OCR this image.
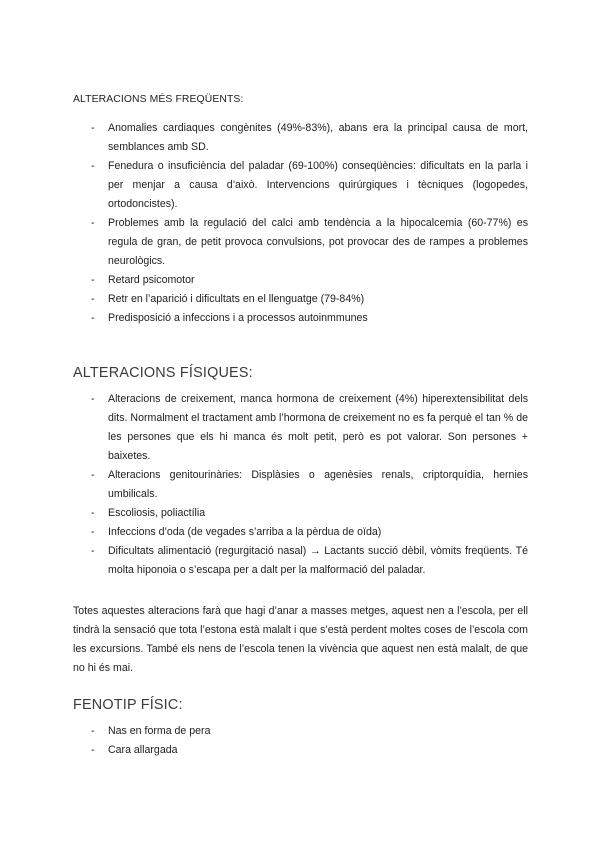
ALTERACIONS MÉS FREQÜENTS:
- Anomalies cardiaques congènites (49%-83%), abans era la principal causa de mort, semblances amb SD.
- Fenedura o insuficiència del paladar (69-100%) conseqüències: dificultats en la parla i per menjar a causa d’això. Intervencions quirúrgiques i tècniques (logopedes, ortodoncistes).
- Problemes amb la regulació del calci amb tendència a la hipocalcemia (60-77%) es regula de gran, de petit provoca convulsions, pot provocar des de rampes a problemes neurològics.
- Retard psicomotor
- Retr en l’aparició i dificultats en el llenguatge (79-84%)
- Predisposició a infeccions i a processos autoinmmunes
ALTERACIONS FÍSIQUES:
- Alteracions de creixement, manca hormona de creixement (4%) hiperextensibilitat dels dits. Normalment el tractament amb l’hormona de creixement no es fa perquè el tan % de les persones que els hi manca és molt petit, però es pot valorar. Son persones + baixetes.
- Alteracions genitourinàries: Displàsies o agenèsies renals, criptorquídia, hernies umbilicals.
- Escoliosis, poliactília
- Infeccions d’oda (de vegades s’arriba a la pèrdua de oïda)
- Dificultats alimentació (regurgitació nasal) → Lactants succió dèbil, vòmits freqüents. Té molta hiponoia o s’escapa per a dalt per la malformació del paladar.

Totes aquestes alteracions farà que hagi d’anar a masses metges, aquest nen a l’escola, per ell tindrà la sensació que tota l’estona està malalt i que s’està perdent moltes coses de l’escola com les excursions. També els nens de l’escola tenen la vivència que aquest nen està malalt, de que no hi és mai.

FENOTIP FÍSIC:
- Nas en forma de pera
- Cara allargada
